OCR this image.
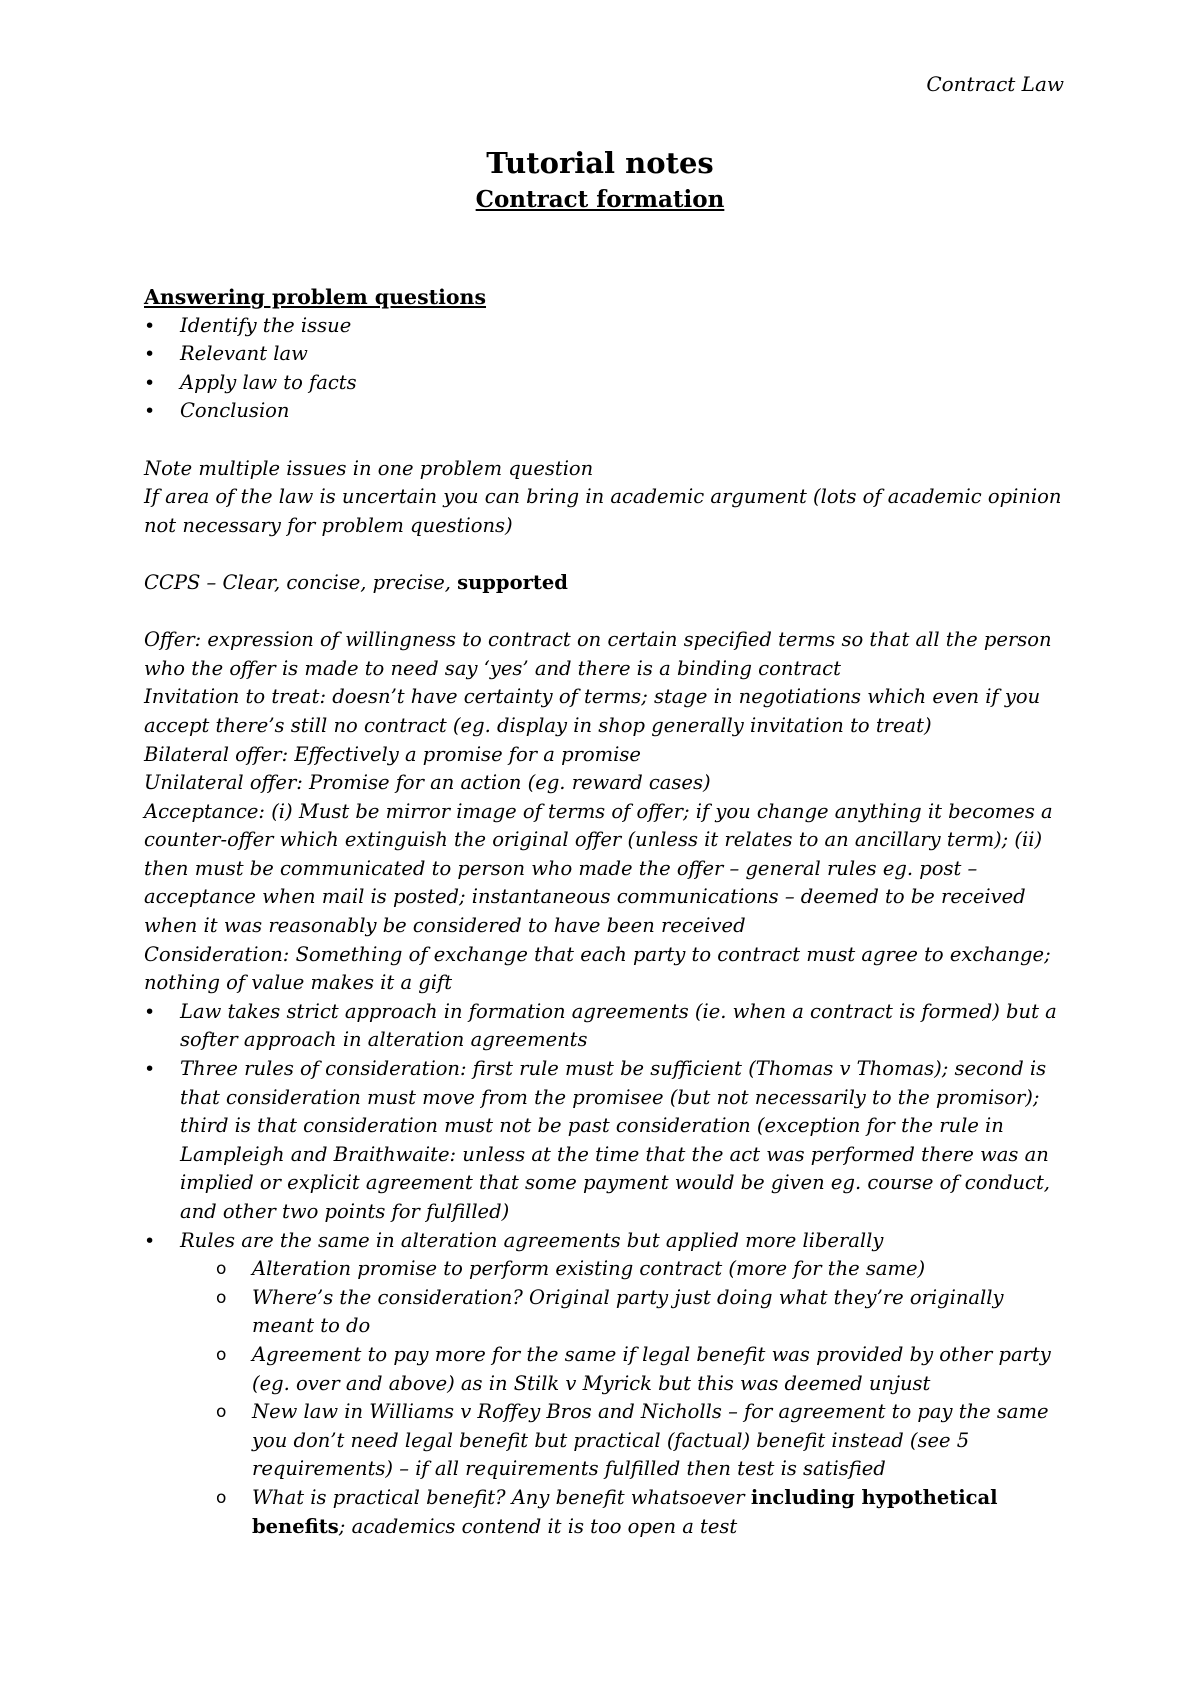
Contract Law
Tutorial notes
Contract formation
Answering problem questions
• Identify the issue
• Relevant law
• Apply law to facts
• Conclusion

Note multiple issues in one problem question

If area of the law is uncertain you can bring in academic argument (lots of academic opinion not necessary for problem questions)

CCPS – Clear, concise, precise, supported

Offer: expression of willingness to contract on certain specified terms so that all the person who the offer is made to need say ‘yes’ and there is a binding contract

Invitation to treat: doesn’t have certainty of terms; stage in negotiations which even if you accept there’s still no contract (eg. display in shop generally invitation to treat)

Bilateral offer: Effectively a promise for a promise

Unilateral offer: Promise for an action (eg. reward cases)

Acceptance: (i) Must be mirror image of terms of offer; if you change anything it becomes a counter-offer which extinguish the original offer (unless it relates to an ancillary term); (ii) then must be communicated to person who made the offer – general rules eg. post – acceptance when mail is posted; instantaneous communications – deemed to be received when it was reasonably be considered to have been received

Consideration: Something of exchange that each party to contract must agree to exchange; nothing of value makes it a gift

• Law takes strict approach in formation agreements (ie. when a contract is formed) but a softer approach in alteration agreements
• Three rules of consideration: first rule must be sufficient (Thomas v Thomas); second is that consideration must move from the promisee (but not necessarily to the promisor); third is that consideration must not be past consideration (exception for the rule in Lampleigh and Braithwaite: unless at the time that the act was performed there was an implied or explicit agreement that some payment would be given eg. course of conduct, and other two points for fulfilled)
• Rules are the same in alteration agreements but applied more liberally
o Alteration promise to perform existing contract (more for the same)
o Where’s the consideration? Original party just doing what they’re originally meant to do
o Agreement to pay more for the same if legal benefit was provided by other party (eg. over and above) as in Stilk v Myrick but this was deemed unjust
o New law in Williams v Roffey Bros and Nicholls – for agreement to pay the same you don’t need legal benefit but practical (factual) benefit instead (see 5 requirements) – if all requirements fulfilled then test is satisfied
o What is practical benefit? Any benefit whatsoever including hypothetical benefits; academics contend it is too open a test
